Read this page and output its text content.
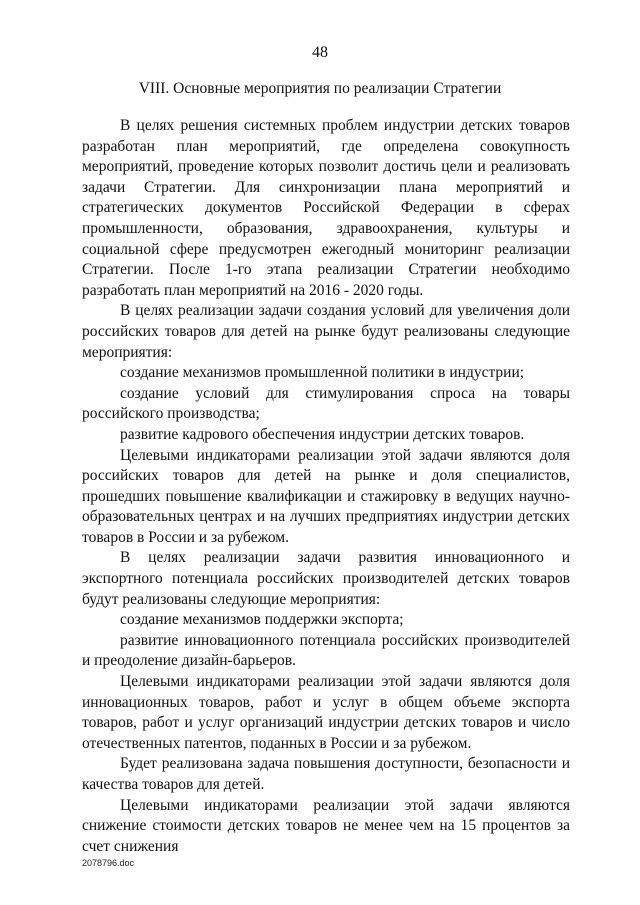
48
VIII. Основные мероприятия по реализации Стратегии

В целях решения системных проблем индустрии детских товаров разработан план мероприятий, где определена совокупность мероприятий, проведение которых позволит достичь цели и реализовать задачи Стратегии. Для синхронизации плана мероприятий и стратегических документов Российской Федерации в сферах промышленности, образования, здравоохранения, культуры и социальной сфере предусмотрен ежегодный мониторинг реализации Стратегии. После 1-го этапа реализации Стратегии необходимо разработать план мероприятий на 2016 - 2020 годы.

В целях реализации задачи создания условий для увеличения доли российских товаров для детей на рынке будут реализованы следующие мероприятия:

создание механизмов промышленной политики в индустрии;

создание условий для стимулирования спроса на товары российского производства;

развитие кадрового обеспечения индустрии детских товаров.

Целевыми индикаторами реализации этой задачи являются доля российских товаров для детей на рынке и доля специалистов, прошедших повышение квалификации и стажировку в ведущих научно-образовательных центрах и на лучших предприятиях индустрии детских товаров в России и за рубежом.

В целях реализации задачи развития инновационного и экспортного потенциала российских производителей детских товаров будут реализованы следующие мероприятия:

создание механизмов поддержки экспорта;

развитие инновационного потенциала российских производителей и преодоление дизайн-барьеров.

Целевыми индикаторами реализации этой задачи являются доля инновационных товаров, работ и услуг в общем объеме экспорта товаров, работ и услуг организаций индустрии детских товаров и число отечественных патентов, поданных в России и за рубежом.

Будет реализована задача повышения доступности, безопасности и качества товаров для детей.

Целевыми индикаторами реализации этой задачи являются снижение стоимости детских товаров не менее чем на 15 процентов за счет снижения

2078796.doc
